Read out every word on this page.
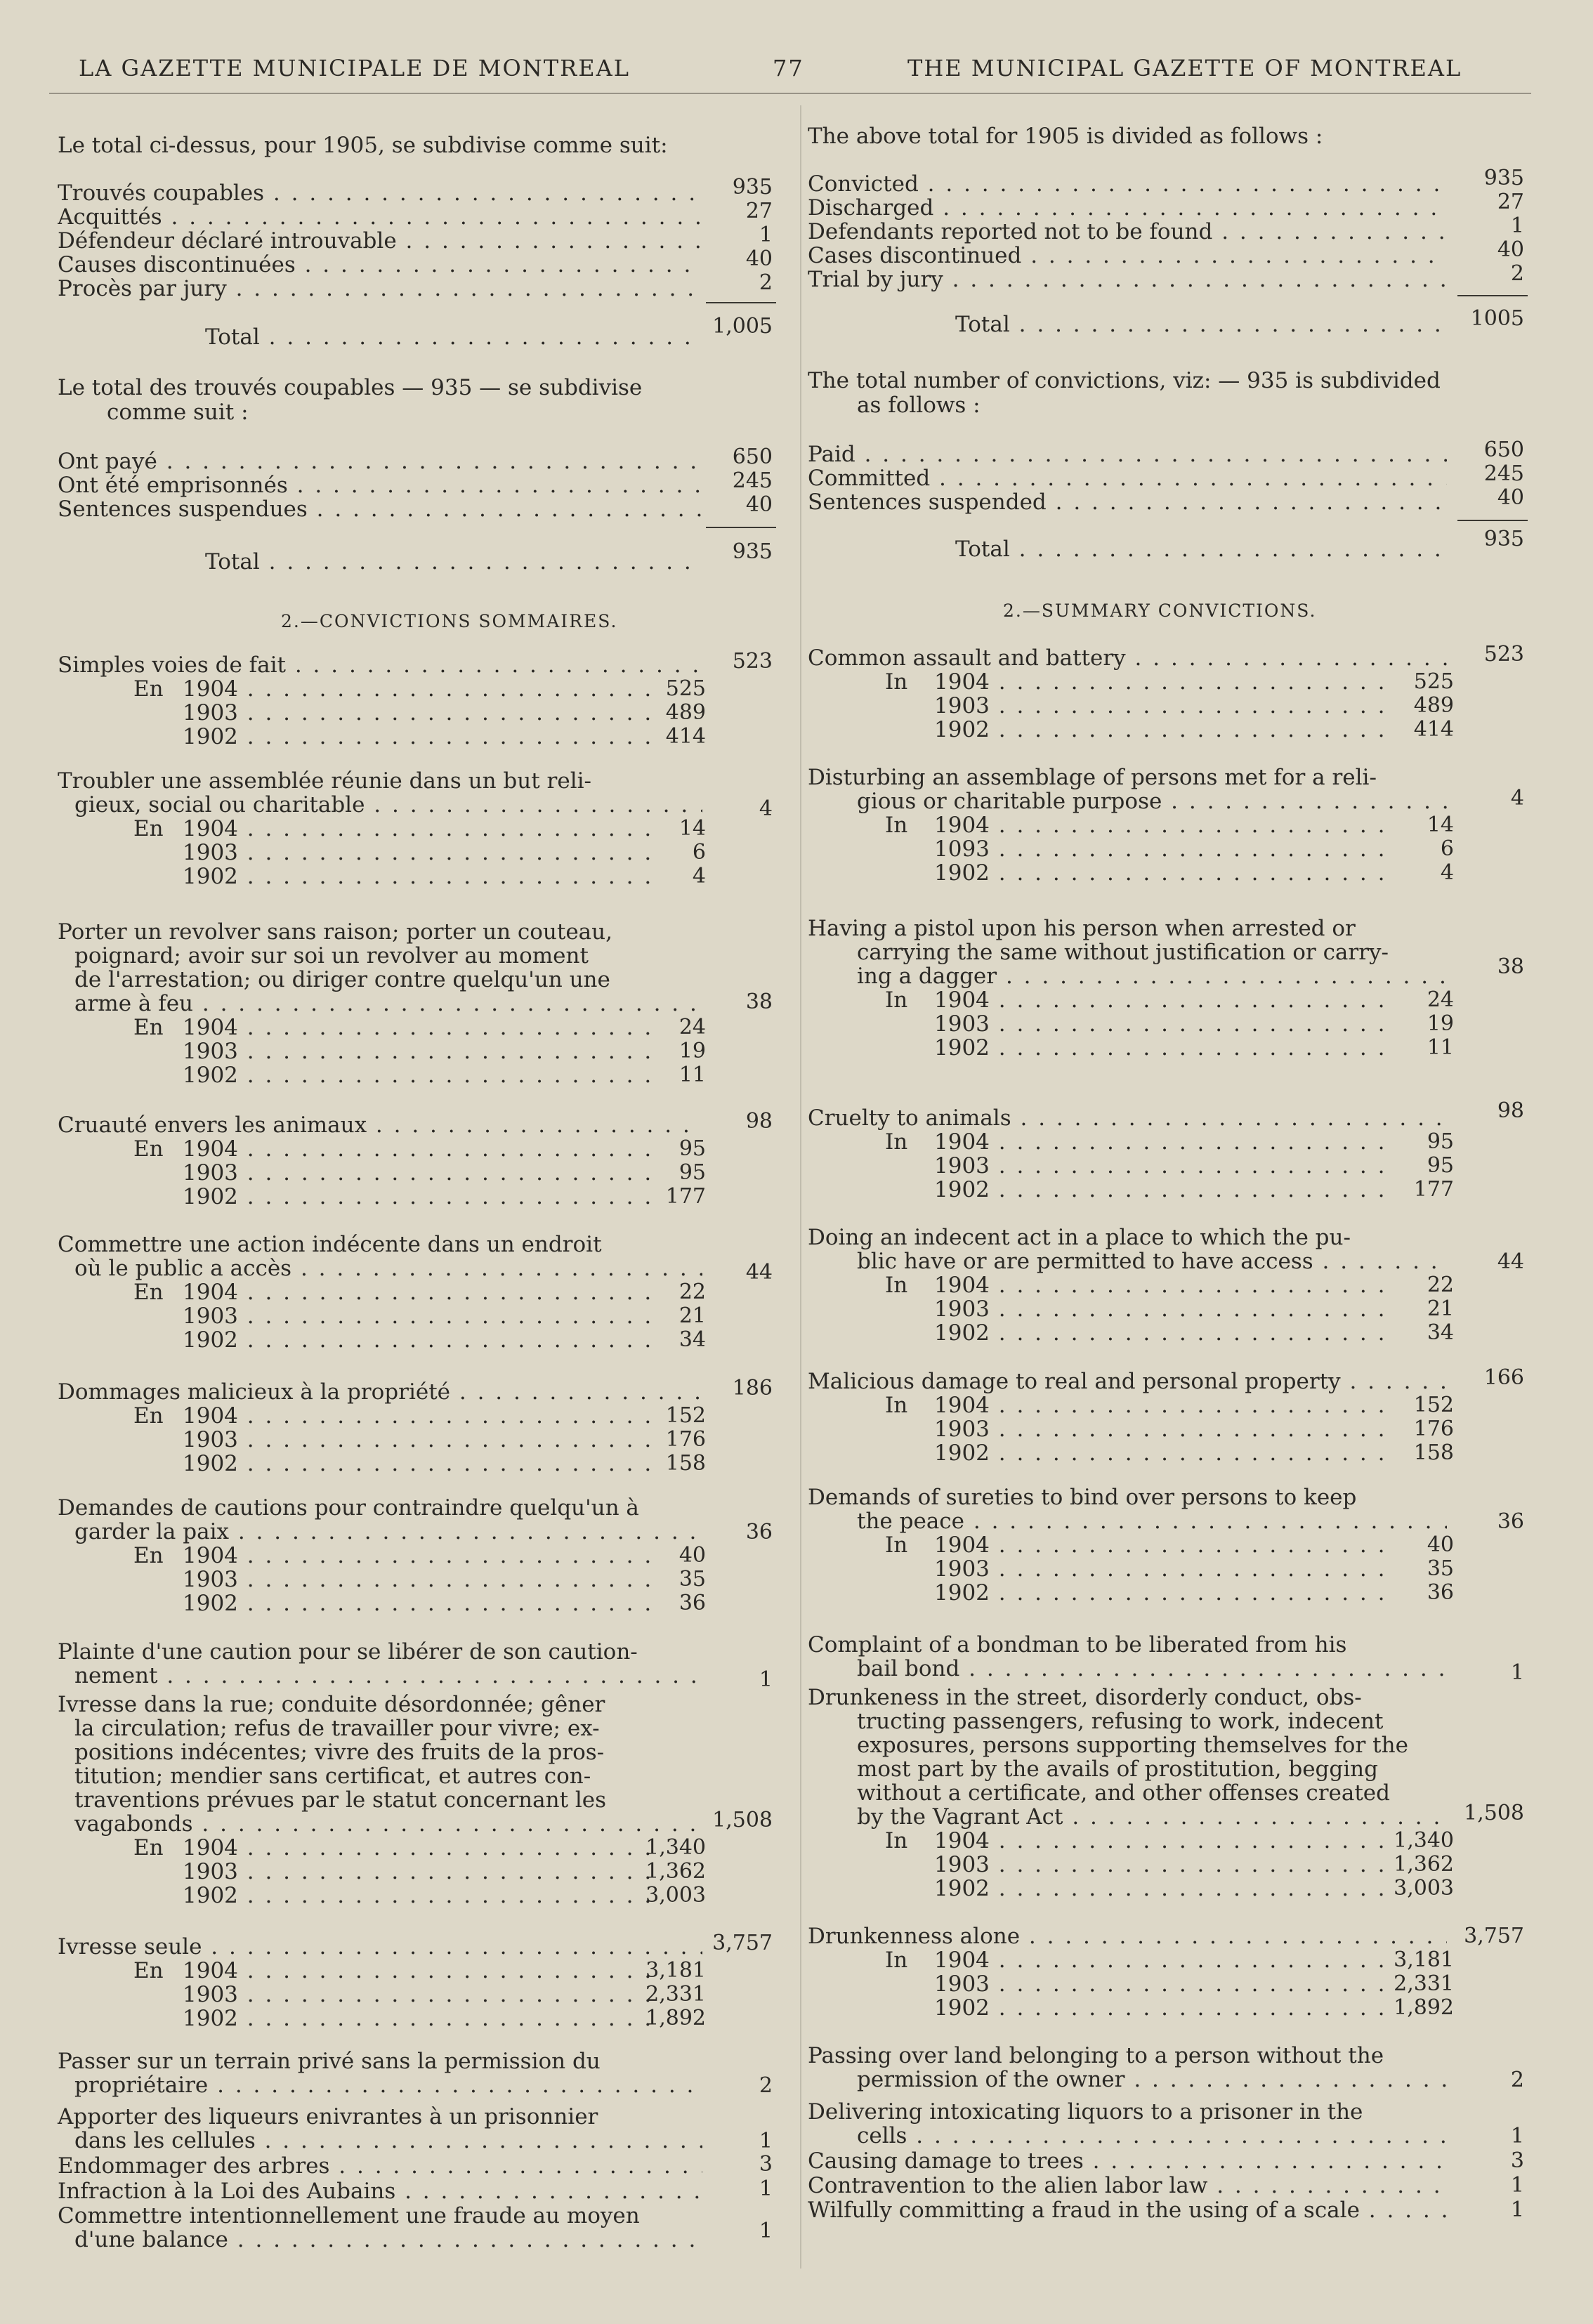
LA GAZETTE MUNICIPALE DE MONTREAL	77	THE MUNICIPAL GAZETTE OF MONTREAL
Le total ci-dessus, pour 1905, se subdivise comme suit:
Trouvés coupables . . .	935
Acquittés . . .	27
Défendeur déclaré introuvable . . .	1
Causes discontinuées . . .	40
Procès par jury . . .	2
Total . . .	1,005
Le total des trouvés coupables — 935 — se subdivise
comme suit :
Ont payé . . .	650
Ont été emprisonnés . . .	245
Sentences suspendues . . .	40
Total . . .	935
2.—CONVICTIONS SOMMAIRES.
Simples voies de fait . . .	523
En 1904 . . .	525
1903 . . .	489
1902 . . .	414
Troubler une assemblée réunie dans un but reli-
gieux, social ou charitable . . .	4
En 1904 . . .	14
1903 . . .	6
1902 . . .	4
Porter un revolver sans raison; porter un couteau,
poignard; avoir sur soi un revolver au moment
de l'arrestation; ou diriger contre quelqu'un une
arme à feu . . .	38
En 1904 . . .	24
1903 . . .	19
1902 . . .	11
Cruauté envers les animaux . . .	98
En 1904 . . .	95
1903 . . .	95
1902 . . .	177
Commettre une action indécente dans un endroit
où le public a accès . . .	44
En 1904 . . .	22
1903 . . .	21
1902 . . .	34
Dommages malicieux à la propriété . . .	186
En 1904 . . .	152
1903 . . .	176
1902 . . .	158
Demandes de cautions pour contraindre quelqu'un à
garder la paix . . .	36
En 1904 . . .	40
1903 . . .	35
1902 . . .	36
Plainte d'une caution pour se libérer de son caution-
nement . . .	1
Ivresse dans la rue; conduite désordonnée; gêner
la circulation; refus de travailler pour vivre; ex-
positions indécentes; vivre des fruits de la pros-
titution; mendier sans certificat, et autres con-
traventions prévues par le statut concernant les
vagabonds . . .	1,508
En 1904 . . .	1,340
1903 . . .	1,362
1902 . . .	3,003
Ivresse seule . . .	3,757
En 1904 . . .	3,181
1903 . . .	2,331
1902 . . .	1,892
Passer sur un terrain privé sans la permission du
propriétaire . . .	2
Apporter des liqueurs enivrantes à un prisonnier
dans les cellules . . .	1
Endommager des arbres . . .	3
Infraction à la Loi des Aubains . . .	1
Commettre intentionnellement une fraude au moyen
d'une balance . . .	1
The above total for 1905 is divided as follows :
Convicted . . .	935
Discharged . . .	27
Defendants reported not to be found . . .	1
Cases discontinued . . .	40
Trial by jury . . .	2
Total . . .	1005
The total number of convictions, viz: — 935 is subdivided
as follows :
Paid . . .	650
Committed . . .	245
Sentences suspended . . .	40
Total . . .	935
2.—SUMMARY CONVICTIONS.
Common assault and battery . . .	523
In 1904 . . .	525
1903 . . .	489
1902 . . .	414
Disturbing an assemblage of persons met for a reli-
gious or charitable purpose . . .	4
In 1904 . . .	14
1093 . . .	6
1902 . . .	4
Having a pistol upon his person when arrested or
carrying the same without justification or carry-
ing a dagger . . .	38
In 1904 . . .	24
1903 . . .	19
1902 . . .	11
Cruelty to animals . . .	98
In 1904 . . .	95
1903 . . .	95
1902 . . .	177
Doing an indecent act in a place to which the pu-
blic have or are permitted to have access . . .	44
In 1904 . . .	22
1903 . . .	21
1902 . . .	34
Malicious damage to real and personal property . . .	166
In 1904 . . .	152
1903 . . .	176
1902 . . .	158
Demands of sureties to bind over persons to keep
the peace . . .	36
In 1904 . . .	40
1903 . . .	35
1902 . . .	36
Complaint of a bondman to be liberated from his
bail bond . . .	1
Drunkeness in the street, disorderly conduct, obs-
tructing passengers, refusing to work, indecent
exposures, persons supporting themselves for the
most part by the avails of prostitution, begging
without a certificate, and other offenses created
by the Vagrant Act . . .	1,508
In 1904 . . .	1,340
1903 . . .	1,362
1902 . . .	3,003
Drunkenness alone . . .	3,757
In 1904 . . .	3,181
1903 . . .	2,331
1902 . . .	1,892
Passing over land belonging to a person without the
permission of the owner . . .	2
Delivering intoxicating liquors to a prisoner in the
cells . . .	1
Causing damage to trees . . .	3
Contravention to the alien labor law . . .	1
Wilfully committing a fraud in the using of a scale . . .	1
